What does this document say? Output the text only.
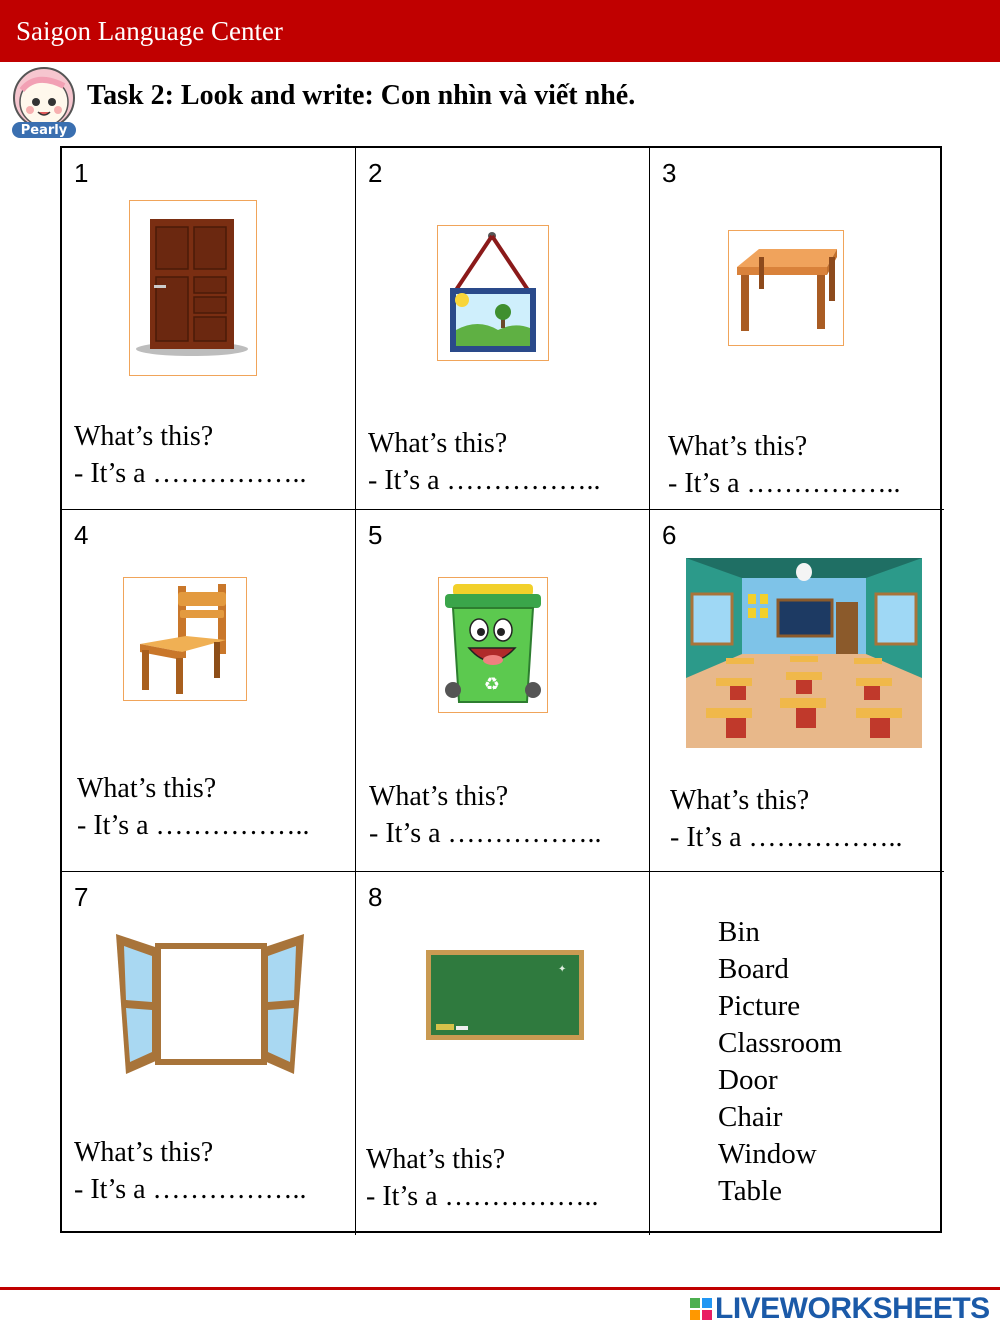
Saigon Language Center
Pearly
Task 2: Look and write: Con nhìn và viết nhé.
1
What’s this?
- It’s a ……………..
2
What’s this?
- It’s a ……………..
3
What’s this?
- It’s a ……………..
4
What’s this?
- It’s a ……………..
5
♻
What’s this?
- It’s a ……………..
6
What’s this?
- It’s a ……………..
7
What’s this?
- It’s a ……………..
8
✦
What’s this?
- It’s a ……………..
Bin
Board
Picture
Classroom
Door
Chair
Window
Table
LIVEWORKSHEETS
